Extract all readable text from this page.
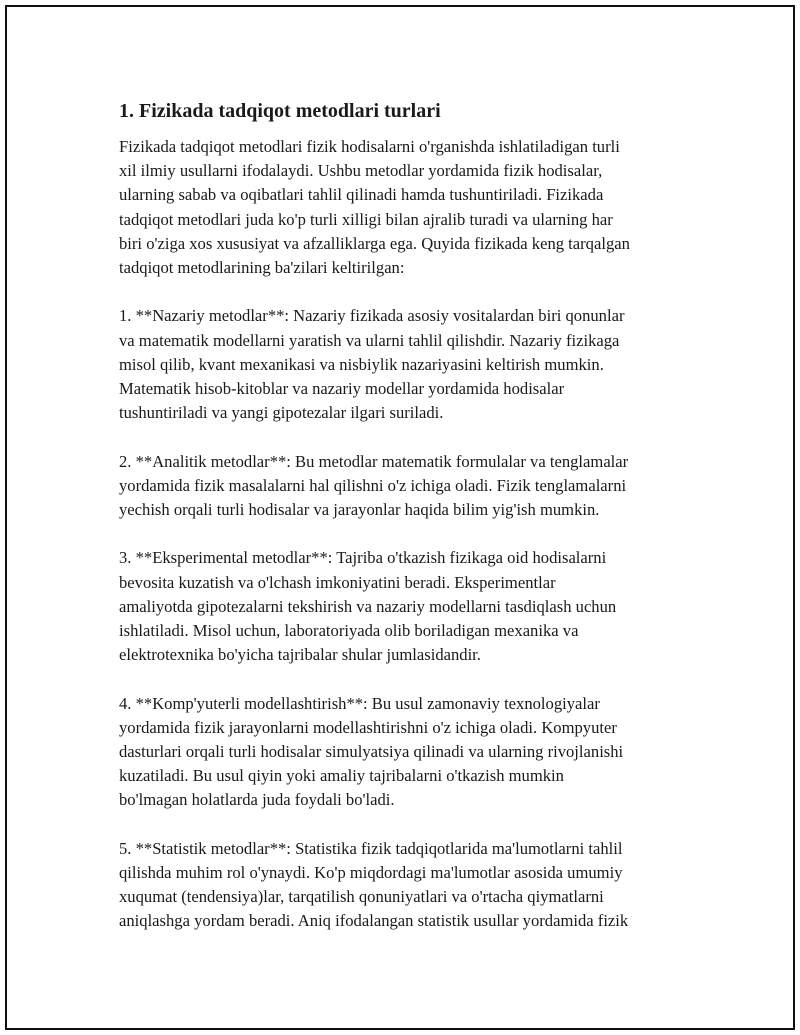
1. Fizikada tadqiqot metodlari turlari

Fizikada tadqiqot metodlari fizik hodisalarni o'rganishda ishlatiladigan turli
xil ilmiy usullarni ifodalaydi. Ushbu metodlar yordamida fizik hodisalar,
ularning sabab va oqibatlari tahlil qilinadi hamda tushuntiriladi. Fizikada
tadqiqot metodlari juda ko'p turli xilligi bilan ajralib turadi va ularning har
biri o'ziga xos xususiyat va afzalliklarga ega. Quyida fizikada keng tarqalgan
tadqiqot metodlarining ba'zilari keltirilgan:

1. **Nazariy metodlar**: Nazariy fizikada asosiy vositalardan biri qonunlar
va matematik modellarni yaratish va ularni tahlil qilishdir. Nazariy fizikaga
misol qilib, kvant mexanikasi va nisbiylik nazariyasini keltirish mumkin.
Matematik hisob-kitoblar va nazariy modellar yordamida hodisalar
tushuntiriladi va yangi gipotezalar ilgari suriladi.

2. **Analitik metodlar**: Bu metodlar matematik formulalar va tenglamalar
yordamida fizik masalalarni hal qilishni o'z ichiga oladi. Fizik tenglamalarni
yechish orqali turli hodisalar va jarayonlar haqida bilim yig'ish mumkin.

3. **Eksperimental metodlar**: Tajriba o'tkazish fizikaga oid hodisalarni
bevosita kuzatish va o'lchash imkoniyatini beradi. Eksperimentlar
amaliyotda gipotezalarni tekshirish va nazariy modellarni tasdiqlash uchun
ishlatiladi. Misol uchun, laboratoriyada olib boriladigan mexanika va
elektrotexnika bo'yicha tajribalar shular jumlasidandir.

4. **Komp'yuterli modellashtirish**: Bu usul zamonaviy texnologiyalar
yordamida fizik jarayonlarni modellashtirishni o'z ichiga oladi. Kompyuter
dasturlari orqali turli hodisalar simulyatsiya qilinadi va ularning rivojlanishi
kuzatiladi. Bu usul qiyin yoki amaliy tajribalarni o'tkazish mumkin
bo'lmagan holatlarda juda foydali bo'ladi.

5. **Statistik metodlar**: Statistika fizik tadqiqotlarida ma'lumotlarni tahlil
qilishda muhim rol o'ynaydi. Ko'p miqdordagi ma'lumotlar asosida umumiy
xuqumat (tendensiya)lar, tarqatilish qonuniyatlari va o'rtacha qiymatlarni
aniqlashga yordam beradi. Aniq ifodalangan statistik usullar yordamida fizik
